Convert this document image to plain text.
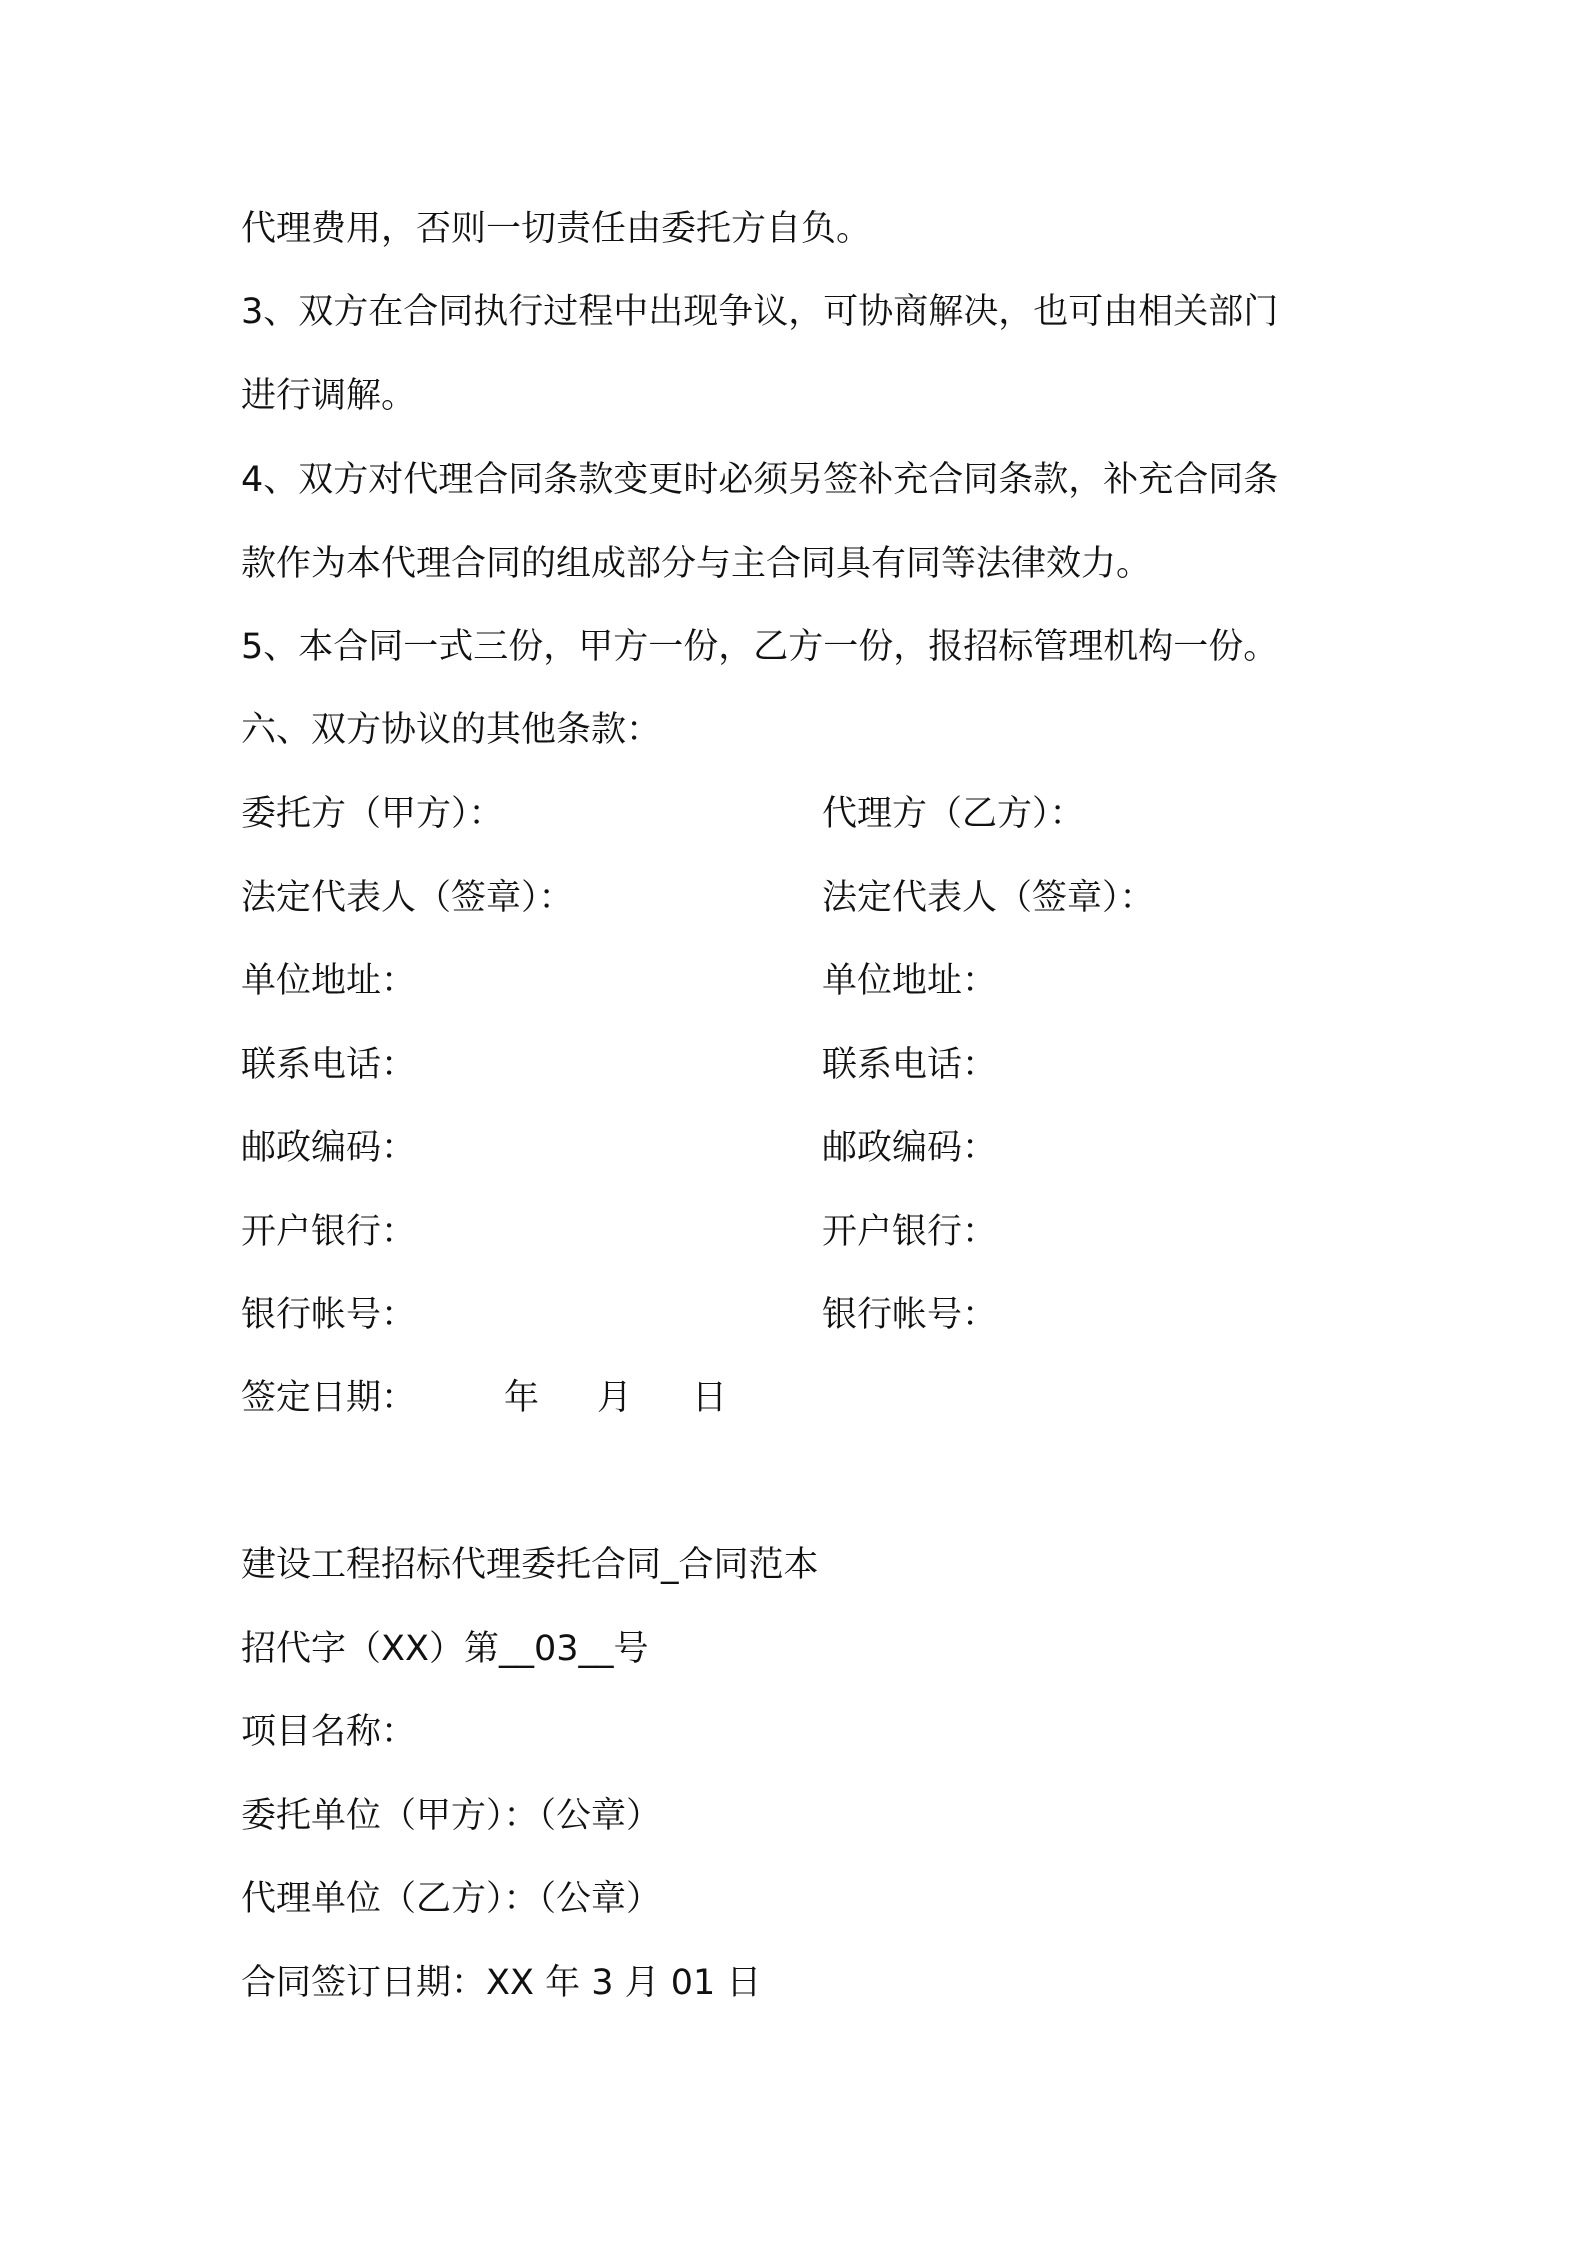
代理费用，否则一切责任由委托方自负。
3、双方在合同执行过程中出现争议，可协商解决，也可由相关部门
进行调解。
4、双方对代理合同条款变更时必须另签补充合同条款，补充合同条
款作为本代理合同的组成部分与主合同具有同等法律效力。
5、本合同一式三份，甲方一份，乙方一份，报招标管理机构一份。
六、双方协议的其他条款：
委托方（甲方）：	代理方（乙方）：
法定代表人（签章）：	法定代表人（签章）：
单位地址：	单位地址：
联系电话：	联系电话：
邮政编码：	邮政编码：
开户银行：	开户银行：
银行帐号：	银行帐号：
签定日期：	年 月 日
建设工程招标代理委托合同_合同范本
招代字（XX）第__03__号
项目名称：
委托单位（甲方）：（公章）
代理单位（乙方）：（公章）
合同签订日期：XX 年 3 月 01 日
